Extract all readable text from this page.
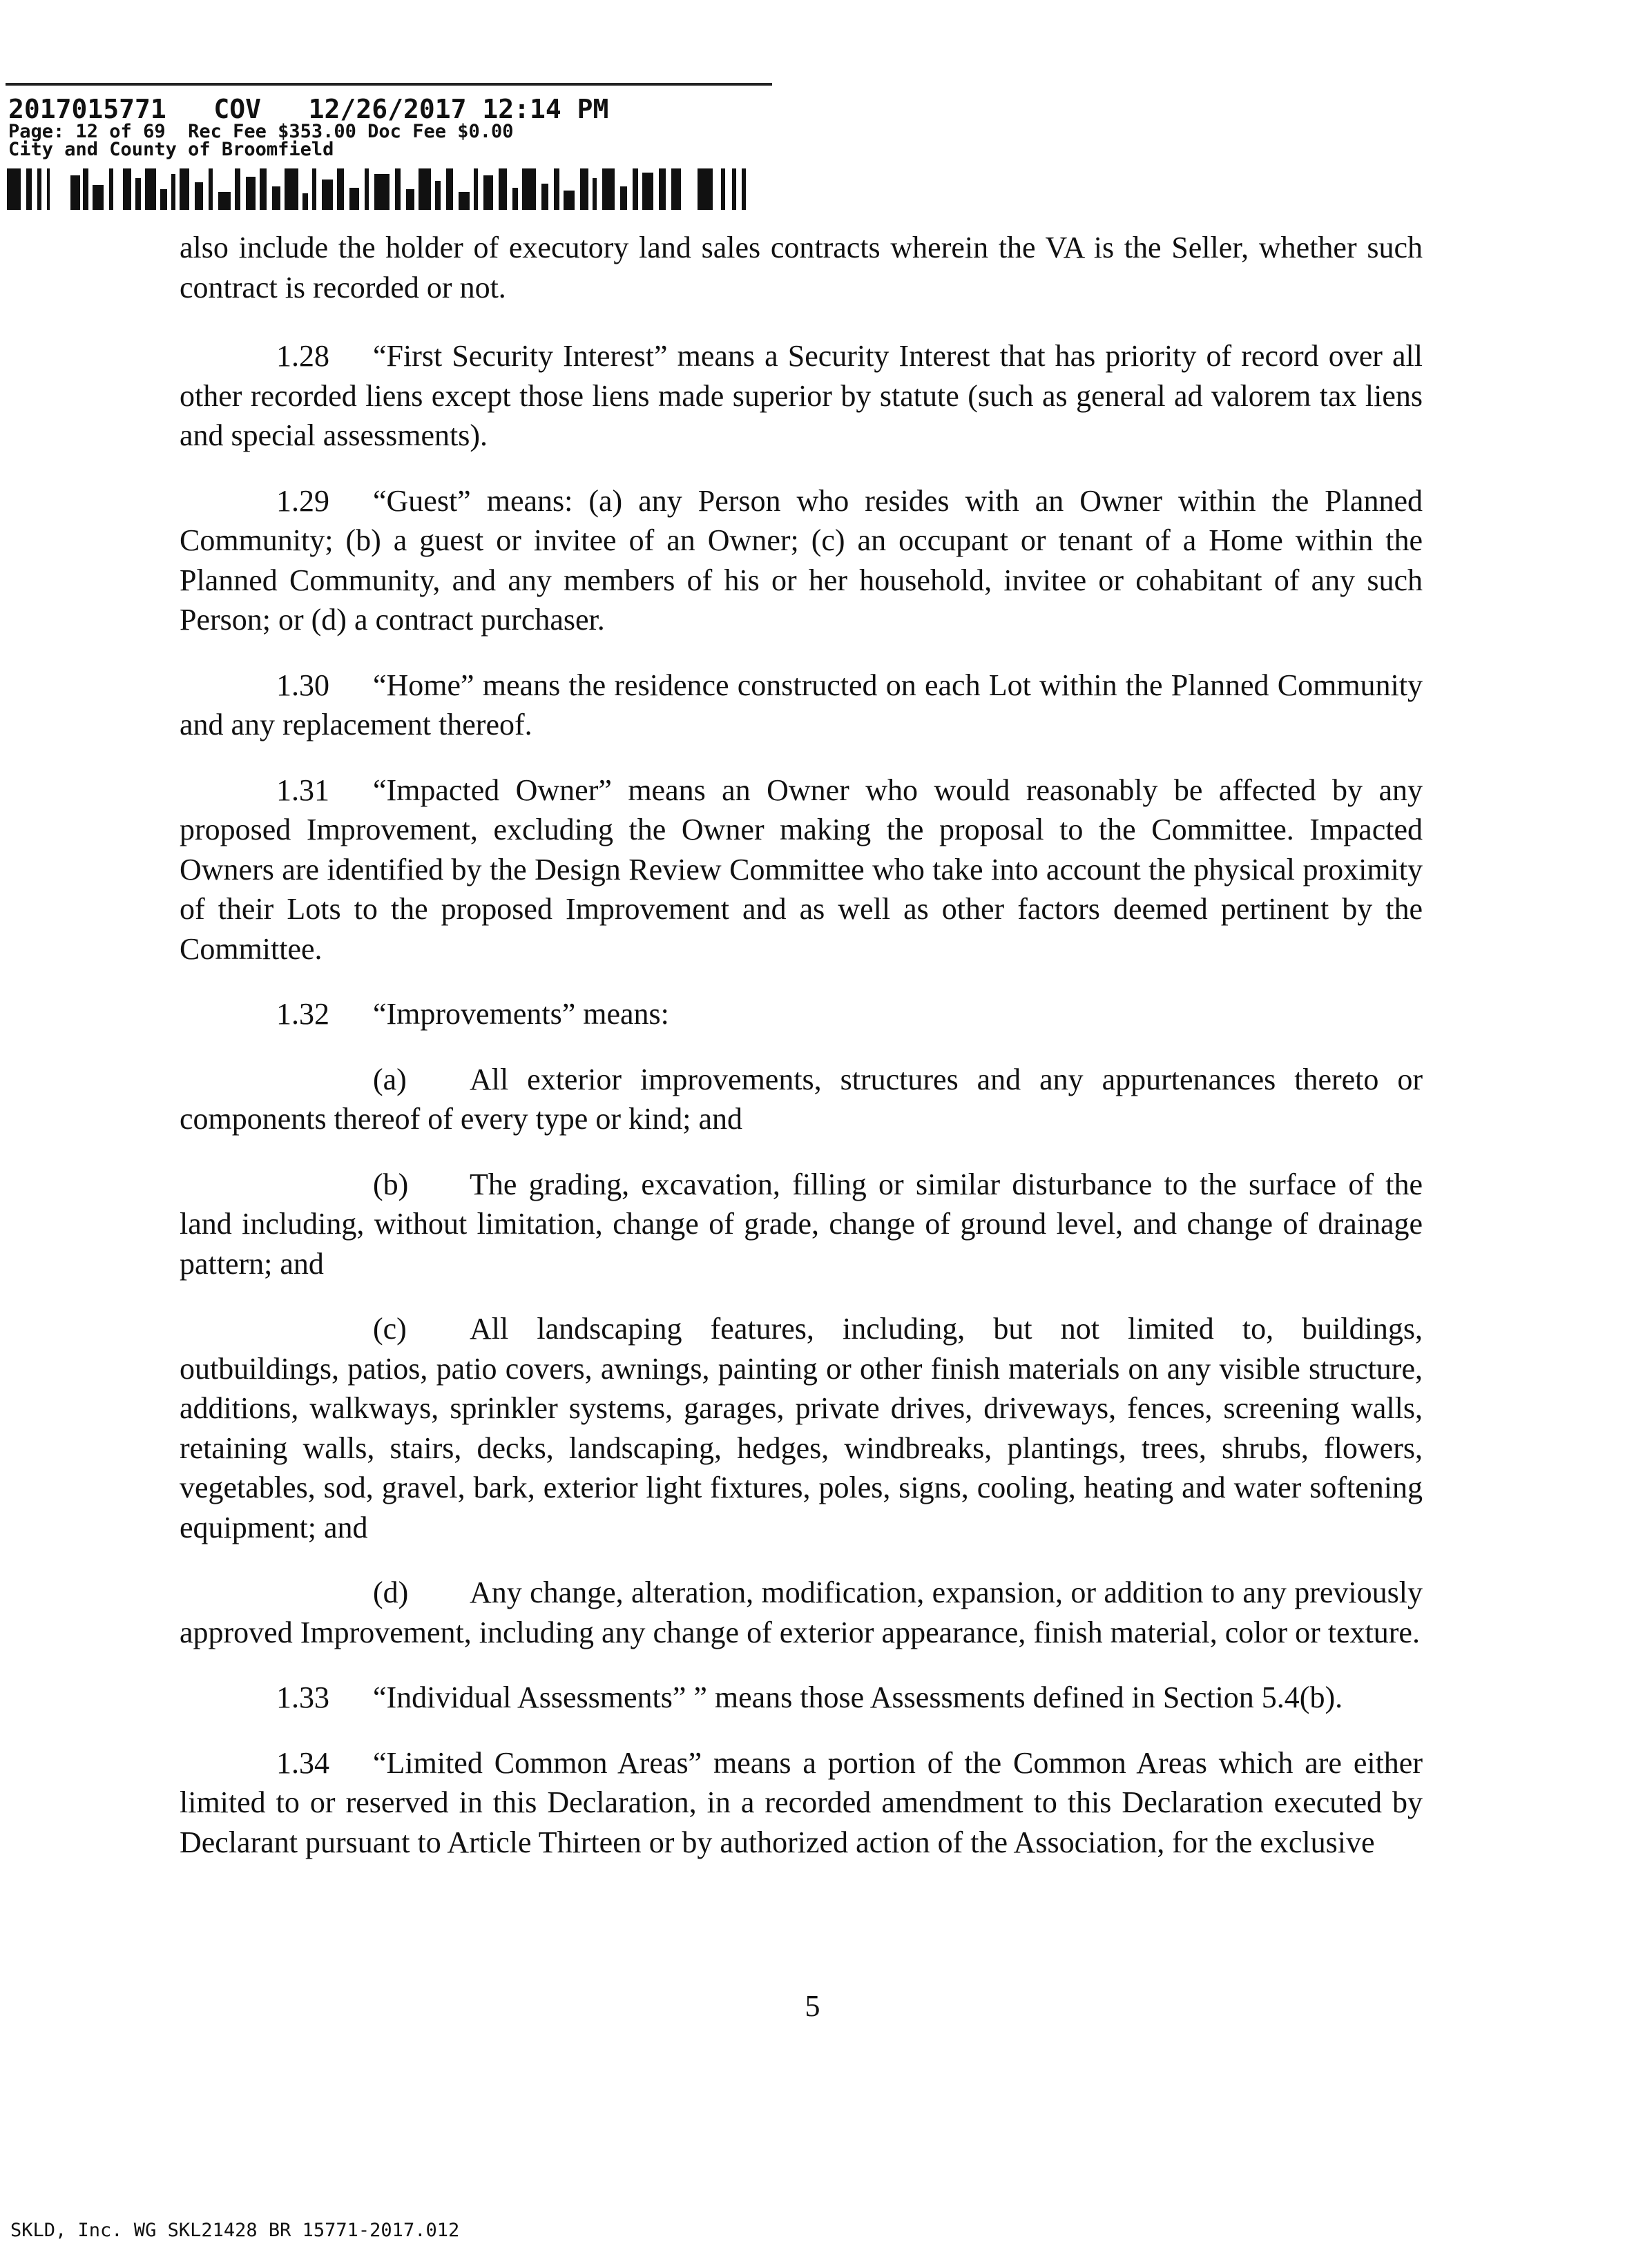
2017015771   COV   12/26/2017 12:14 PM
Page: 12 of 69  Rec Fee $353.00 Doc Fee $0.00
City and County of Broomfield

also include the holder of executory land sales contracts wherein the VA is the Seller, whether such contract is recorded or not.

1.28 “First Security Interest” means a Security Interest that has priority of record over all other recorded liens except those liens made superior by statute (such as general ad valorem tax liens and special assessments).

1.29 “Guest” means: (a) any Person who resides with an Owner within the Planned Community; (b) a guest or invitee of an Owner; (c) an occupant or tenant of a Home within the Planned Community, and any members of his or her household, invitee or cohabitant of any such Person; or (d) a contract purchaser.

1.30 “Home” means the residence constructed on each Lot within the Planned Community and any replacement thereof.

1.31 “Impacted Owner” means an Owner who would reasonably be affected by any proposed Improvement, excluding the Owner making the proposal to the Committee. Impacted Owners are identified by the Design Review Committee who take into account the physical proximity of their Lots to the proposed Improvement and as well as other factors deemed pertinent by the Committee.

1.32 “Improvements” means:

(a) All exterior improvements, structures and any appurtenances thereto or components thereof of every type or kind; and

(b) The grading, excavation, filling or similar disturbance to the surface of the land including, without limitation, change of grade, change of ground level, and change of drainage pattern; and

(c) All landscaping features, including, but not limited to, buildings, outbuildings, patios, patio covers, awnings, painting or other finish materials on any visible structure, additions, walkways, sprinkler systems, garages, private drives, driveways, fences, screening walls, retaining walls, stairs, decks, landscaping, hedges, windbreaks, plantings, trees, shrubs, flowers, vegetables, sod, gravel, bark, exterior light fixtures, poles, signs, cooling, heating and water softening equipment; and

(d) Any change, alteration, modification, expansion, or addition to any previously approved Improvement, including any change of exterior appearance, finish material, color or texture.

1.33 “Individual Assessments” ” means those Assessments defined in Section 5.4(b).

1.34 “Limited Common Areas” means a portion of the Common Areas which are either limited to or reserved in this Declaration, in a recorded amendment to this Declaration executed by Declarant pursuant to Article Thirteen or by authorized action of the Association, for the exclusive

5
SKLD, Inc. WG SKL21428 BR 15771-2017.012
